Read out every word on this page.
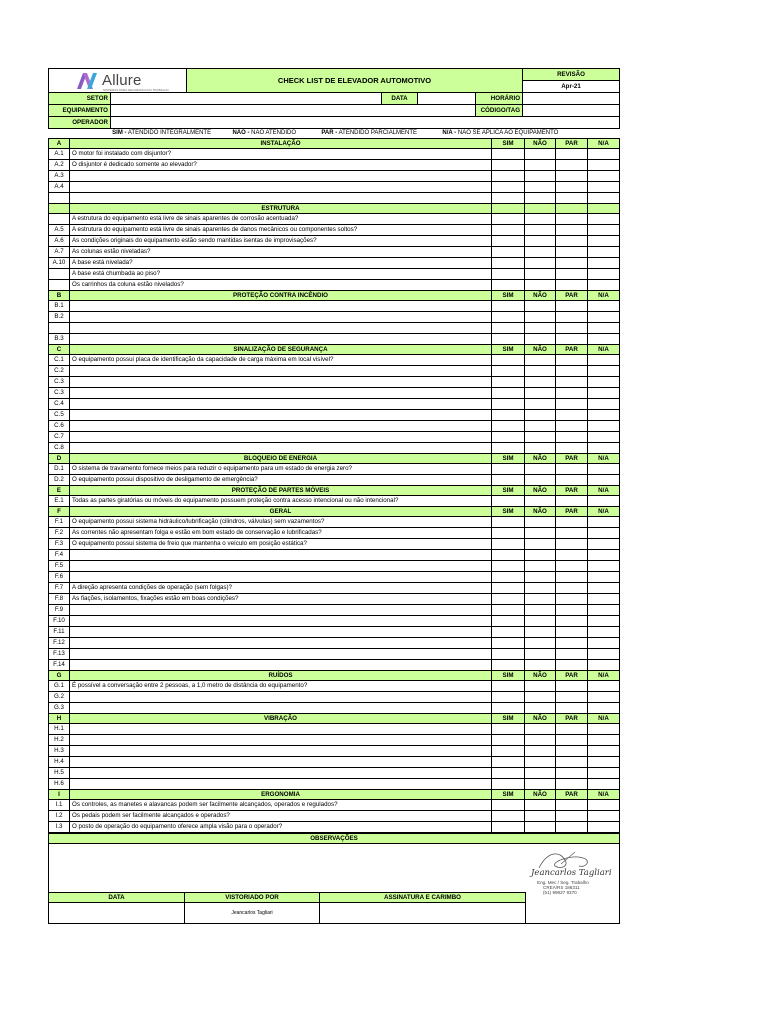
Allure
SISTEMAS PARA SEGURANCA DO TRABALHO		CHECK LIST DE ELEVADOR AUTOMOTIVO				REVISÃO
						Apr-21
SETOR			DATA		HORÁRIO	
EQUIPAMENTO					CÓDIGO/TAG	
OPERADOR						
SIM - ATENDIDO INTEGRALMENTE NÃO - NÃO ATENDIDO PAR - ATENDIDO PARCIALMENTE N/A - NÃO SE APLICA AO EQUIPAMENTO						
A	INSTALAÇÃO	SIM	NÃO	PAR	N/A
A.1	O motor foi instalado com disjuntor?				
A.2	O disjuntor é dedicado somente ao elevador?				
A.3					
A.4					

	ESTRUTURA				
	A estrutura do equipamento está livre de sinais aparentes de corrosão acentuada?				
A.5	A estrutura do equipamento está livre de sinais aparentes de danos mecânicos ou componentes soltos?				
A.6	As condições originais do equipamento estão sendo mantidas isentas de improvisações?				
A.7	As colunas estão niveladas?				
A.10	A base está nivelada?				
	A base está chumbada ao piso?				
	Os carrinhos da coluna estão nivelados?				
B	PROTEÇÃO CONTRA INCÊNDIO	SIM	NÃO	PAR	N/A
B.1					
B.2					

B.3					
C	SINALIZAÇÃO DE SEGURANÇA	SIM	NÃO	PAR	N/A
C.1	O equipamento possui placa de identificação da capacidade de carga máxima em local visível?				
C.2					
C.3					
C.3					
C.4					
C.5					
C.6					
C.7					
C.8					
D	BLOQUEIO DE ENERGIA	SIM	NÃO	PAR	N/A
D.1	O sistema de travamento fornece meios para reduzir o equipamento para um estado de energia zero?				
D.2	O equipamento possui dispositivo de desligamento de emergência?				
E	PROTEÇÃO DE PARTES MÓVEIS	SIM	NÃO	PAR	N/A
E.1	Todas as partes giratórias ou móveis do equipamento possuem proteção contra acesso intencional ou não intencional?				
F	GERAL	SIM	NÃO	PAR	N/A
F.1	O equipamento possui sistema hidráulico/lubrificação (cilindros, válvulas) sem vazamentos?				
F.2	As correntes não apresentam folga e estão em bom estado de conservação e lubrificadas?				
F.3	O equipamento possui sistema de freio que mantenha o veículo em posição estática?				
F.4					
F.5					
F.6					
F.7	A direção apresenta condições de operação (sem folgas)?				
F.8	As fiações, isolamentos, fixações estão em boas condições?				
F.9					
F.10					
F.11					
F.12					
F.13					
F.14					
G	RUÍDOS	SIM	NÃO	PAR	N/A
G.1	É possível a conversação entre 2 pessoas, a 1,0 metro de distância do equipamento?				
G.2					
G.3					
H	VIBRAÇÃO	SIM	NÃO	PAR	N/A
H.1					
H.2					
H.3					
H.4					
H.5					
H.6					
I	ERGONOMIA	SIM	NÃO	PAR	N/A
I.1	Os controles, as manetes e alavancas podem ser facilmente alcançados, operados e regulados?				
I.2	Os pedais podem ser facilmente alcançados e operados?				
I.3	O posto de operação do equipamento oferece ampla visão para o operador?				
OBSERVAÇÕES			

			Jeancarlos Tagliari
Eng. Mec / Seg. Trabalho
CREA/RS 186311
(51) 99927 9370

DATA	VISTORIADO POR	ASSINATURA E CARIMBO	
	Jeancarlos Tagliari		
